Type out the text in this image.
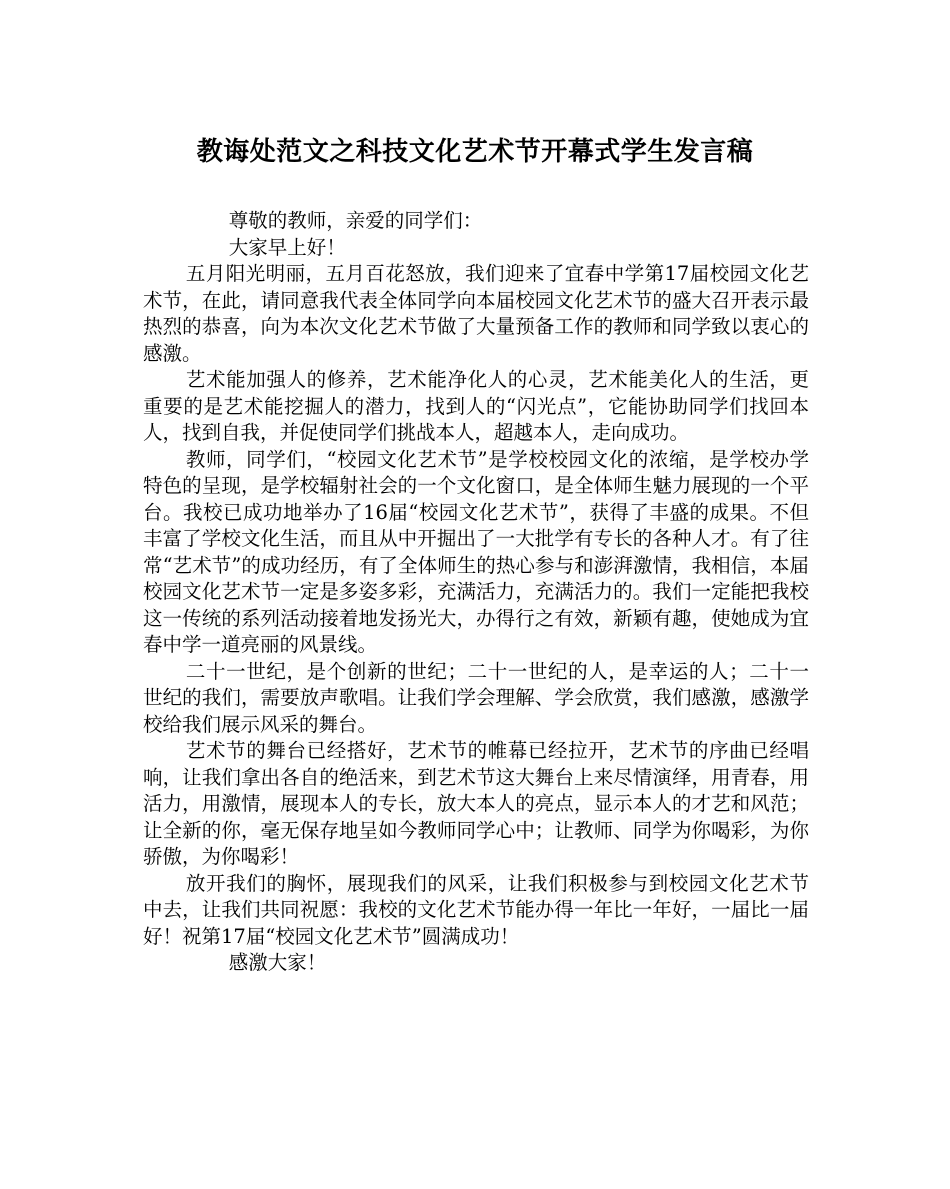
教诲处范文之科技文化艺术节开幕式学生发言稿

尊敬的教师，亲爱的同学们：

大家早上好！

五月阳光明丽，五月百花怒放，我们迎来了宜春中学第17届校园文化艺术节，在此，请同意我代表全体同学向本届校园文化艺术节的盛大召开表示最热烈的恭喜，向为本次文化艺术节做了大量预备工作的教师和同学致以衷心的感激。

艺术能加强人的修养，艺术能净化人的心灵，艺术能美化人的生活，更重要的是艺术能挖掘人的潜力，找到人的“闪光点”，它能协助同学们找回本人，找到自我，并促使同学们挑战本人，超越本人，走向成功。

教师，同学们，“校园文化艺术节”是学校校园文化的浓缩，是学校办学特色的呈现，是学校辐射社会的一个文化窗口，是全体师生魅力展现的一个平台。我校已成功地举办了16届“校园文化艺术节”，获得了丰盛的成果。不但丰富了学校文化生活，而且从中开掘出了一大批学有专长的各种人才。有了往常“艺术节”的成功经历，有了全体师生的热心参与和澎湃激情，我相信，本届校园文化艺术节一定是多姿多彩，充满活力，充满活力的。我们一定能把我校这一传统的系列活动接着地发扬光大，办得行之有效，新颖有趣，使她成为宜春中学一道亮丽的风景线。

二十一世纪，是个创新的世纪；二十一世纪的人，是幸运的人；二十一世纪的我们，需要放声歌唱。让我们学会理解、学会欣赏，我们感激，感激学校给我们展示风采的舞台。

艺术节的舞台已经搭好，艺术节的帷幕已经拉开，艺术节的序曲已经唱响，让我们拿出各自的绝活来，到艺术节这大舞台上来尽情演绎，用青春，用活力，用激情，展现本人的专长，放大本人的亮点，显示本人的才艺和风范；让全新的你，毫无保存地呈如今教师同学心中；让教师、同学为你喝彩，为你骄傲，为你喝彩！

放开我们的胸怀，展现我们的风采，让我们积极参与到校园文化艺术节中去，让我们共同祝愿：我校的文化艺术节能办得一年比一年好，一届比一届好！祝第17届“校园文化艺术节”圆满成功！

感激大家！
